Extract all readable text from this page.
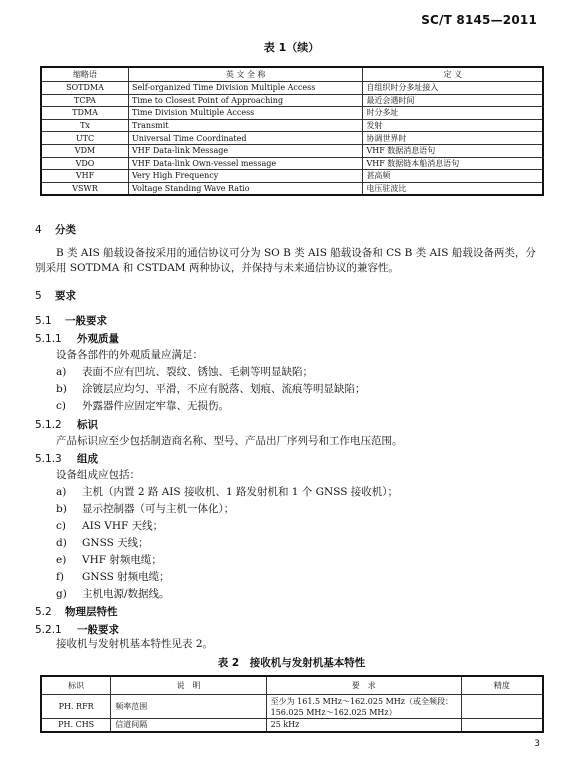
SC/T 8145—2011
表 1（续）
缩略语	英 文 全 称	定 义
SOTDMA	Self-organized Time Division Multiple Access	自组织时分多址接入
TCPA	Time to Closest Point of Approaching	最近会遇时间
TDMA	Time Division Multiple Access	时分多址
Tx	Transmit	发射
UTC	Universal Time Coordinated	协调世界时
VDM	VHF Data-link Message	VHF 数据消息语句
VDO	VHF Data-link Own-vessel message	VHF 数据链本船消息语句
VHF	Very High Frequency	甚高频
VSWR	Voltage Standing Wave Ratio	电压驻波比
4 分类
B 类 AIS 船载设备按采用的通信协议可分为 SO B 类 AIS 船载设备和 CS B 类 AIS 船载设备两类，分别采用 SOTDMA 和 CSTDAM 两种协议，并保持与未来通信协议的兼容性。
5 要求
5.1 一般要求
5.1.1 外观质量
设备各部件的外观质量应满足：
a) 表面不应有凹坑、裂纹、锈蚀、毛刺等明显缺陷；
b) 涂镀层应均匀、平滑，不应有脱落、划痕、流痕等明显缺陷；
c) 外露器件应固定牢靠、无损伤。
5.1.2 标识
产品标识应至少包括制造商名称、型号、产品出厂序列号和工作电压范围。
5.1.3 组成
设备组成应包括：
a) 主机（内置 2 路 AIS 接收机、1 路发射机和 1 个 GNSS 接收机）；
b) 显示控制器（可与主机一体化）；
c) AIS VHF 天线；
d) GNSS 天线；
e) VHF 射频电缆；
f) GNSS 射频电缆；
g) 主机电源/数据线。
5.2 物理层特性
5.2.1 一般要求
接收机与发射机基本特性见表 2。
表 2　接收机与发射机基本特性
标识	说　明	要　求	精度
PH. RFR	频率范围	至少为 161.5 MHz～162.025 MHz（或全频段：156.025 MHz～162.025 MHz）	
PH. CHS	信道间隔	25 kHz	
3
